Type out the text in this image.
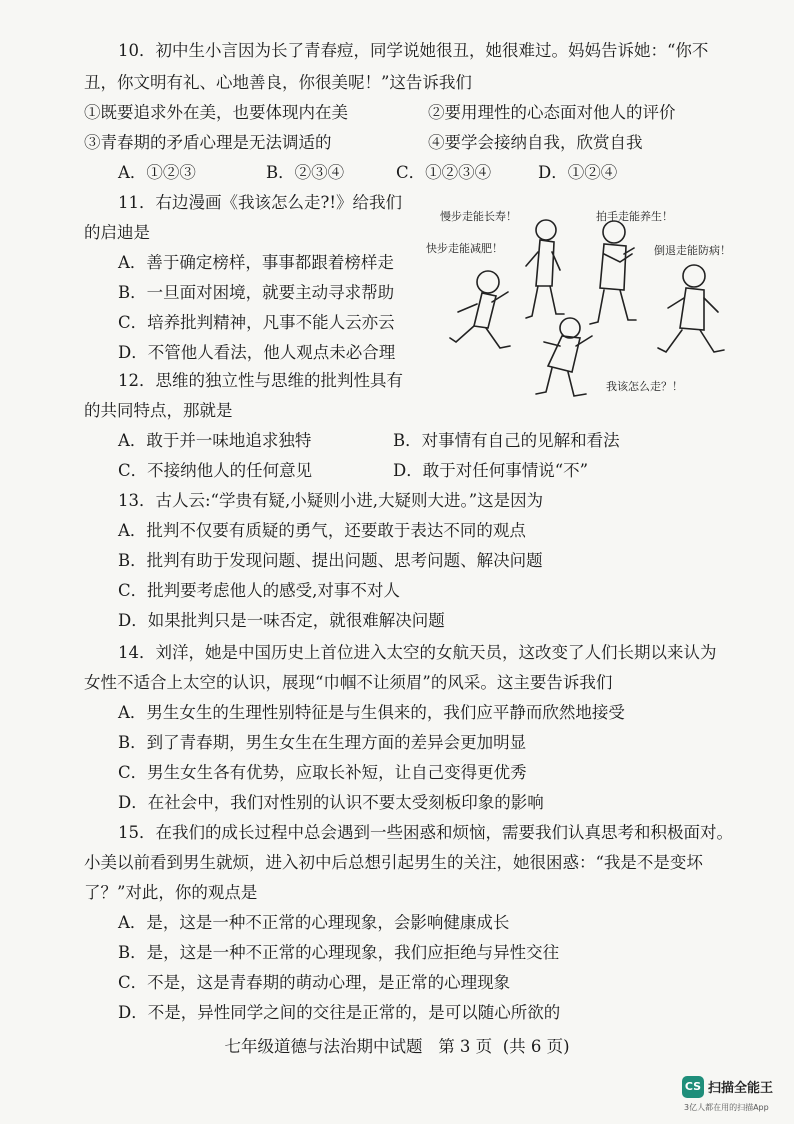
10．初中生小言因为长了青春痘，同学说她很丑，她很难过。妈妈告诉她：“你不
丑，你文明有礼、心地善良，你很美呢！”这告诉我们
①既要追求外在美，也要体现内在美	②要用理性的心态面对他人的评价
③青春期的矛盾心理是无法调适的	④要学会接纳自我，欣赏自我
A．①②③	B．②③④	C．①②③④	D．①②④
11．右边漫画《我该怎么走?!》给我们
的启迪是
A．善于确定榜样，事事都跟着榜样走
B．一旦面对困境，就要主动寻求帮助
C．培养批判精神，凡事不能人云亦云
D．不管他人看法，他人观点未必合理
慢步走能长寿！
快步走能减肥！
拍手走能养生！
倒退走能防病！
我该怎么走？！
12．思维的独立性与思维的批判性具有
的共同特点，那就是
A．敢于并一味地追求独特	B．对事情有自己的见解和看法
C．不接纳他人的任何意见	D．敢于对任何事情说“不”
13．古人云:“学贵有疑,小疑则小进,大疑则大进。”这是因为
A．批判不仅要有质疑的勇气，还要敢于表达不同的观点
B．批判有助于发现问题、提出问题、思考问题、解决问题
C．批判要考虑他人的感受,对事不对人
D．如果批判只是一味否定，就很难解决问题
14．刘洋，她是中国历史上首位进入太空的女航天员，这改变了人们长期以来认为
女性不适合上太空的认识，展现“巾帼不让须眉”的风采。这主要告诉我们
A．男生女生的生理性别特征是与生俱来的，我们应平静而欣然地接受
B．到了青春期，男生女生在生理方面的差异会更加明显
C．男生女生各有优势，应取长补短，让自己变得更优秀
D．在社会中，我们对性别的认识不要太受刻板印象的影响
15．在我们的成长过程中总会遇到一些困惑和烦恼，需要我们认真思考和积极面对。
小美以前看到男生就烦，进入初中后总想引起男生的关注，她很困惑：“我是不是变坏
了？”对此，你的观点是
A．是，这是一种不正常的心理现象，会影响健康成长
B．是，这是一种不正常的心理现象，我们应拒绝与异性交往
C．不是，这是青春期的萌动心理，是正常的心理现象
D．不是，异性同学之间的交往是正常的，是可以随心所欲的
七年级道德与法治期中试题 第 3 页 (共 6 页)
CS 扫描全能王
3亿人都在用的扫描App
